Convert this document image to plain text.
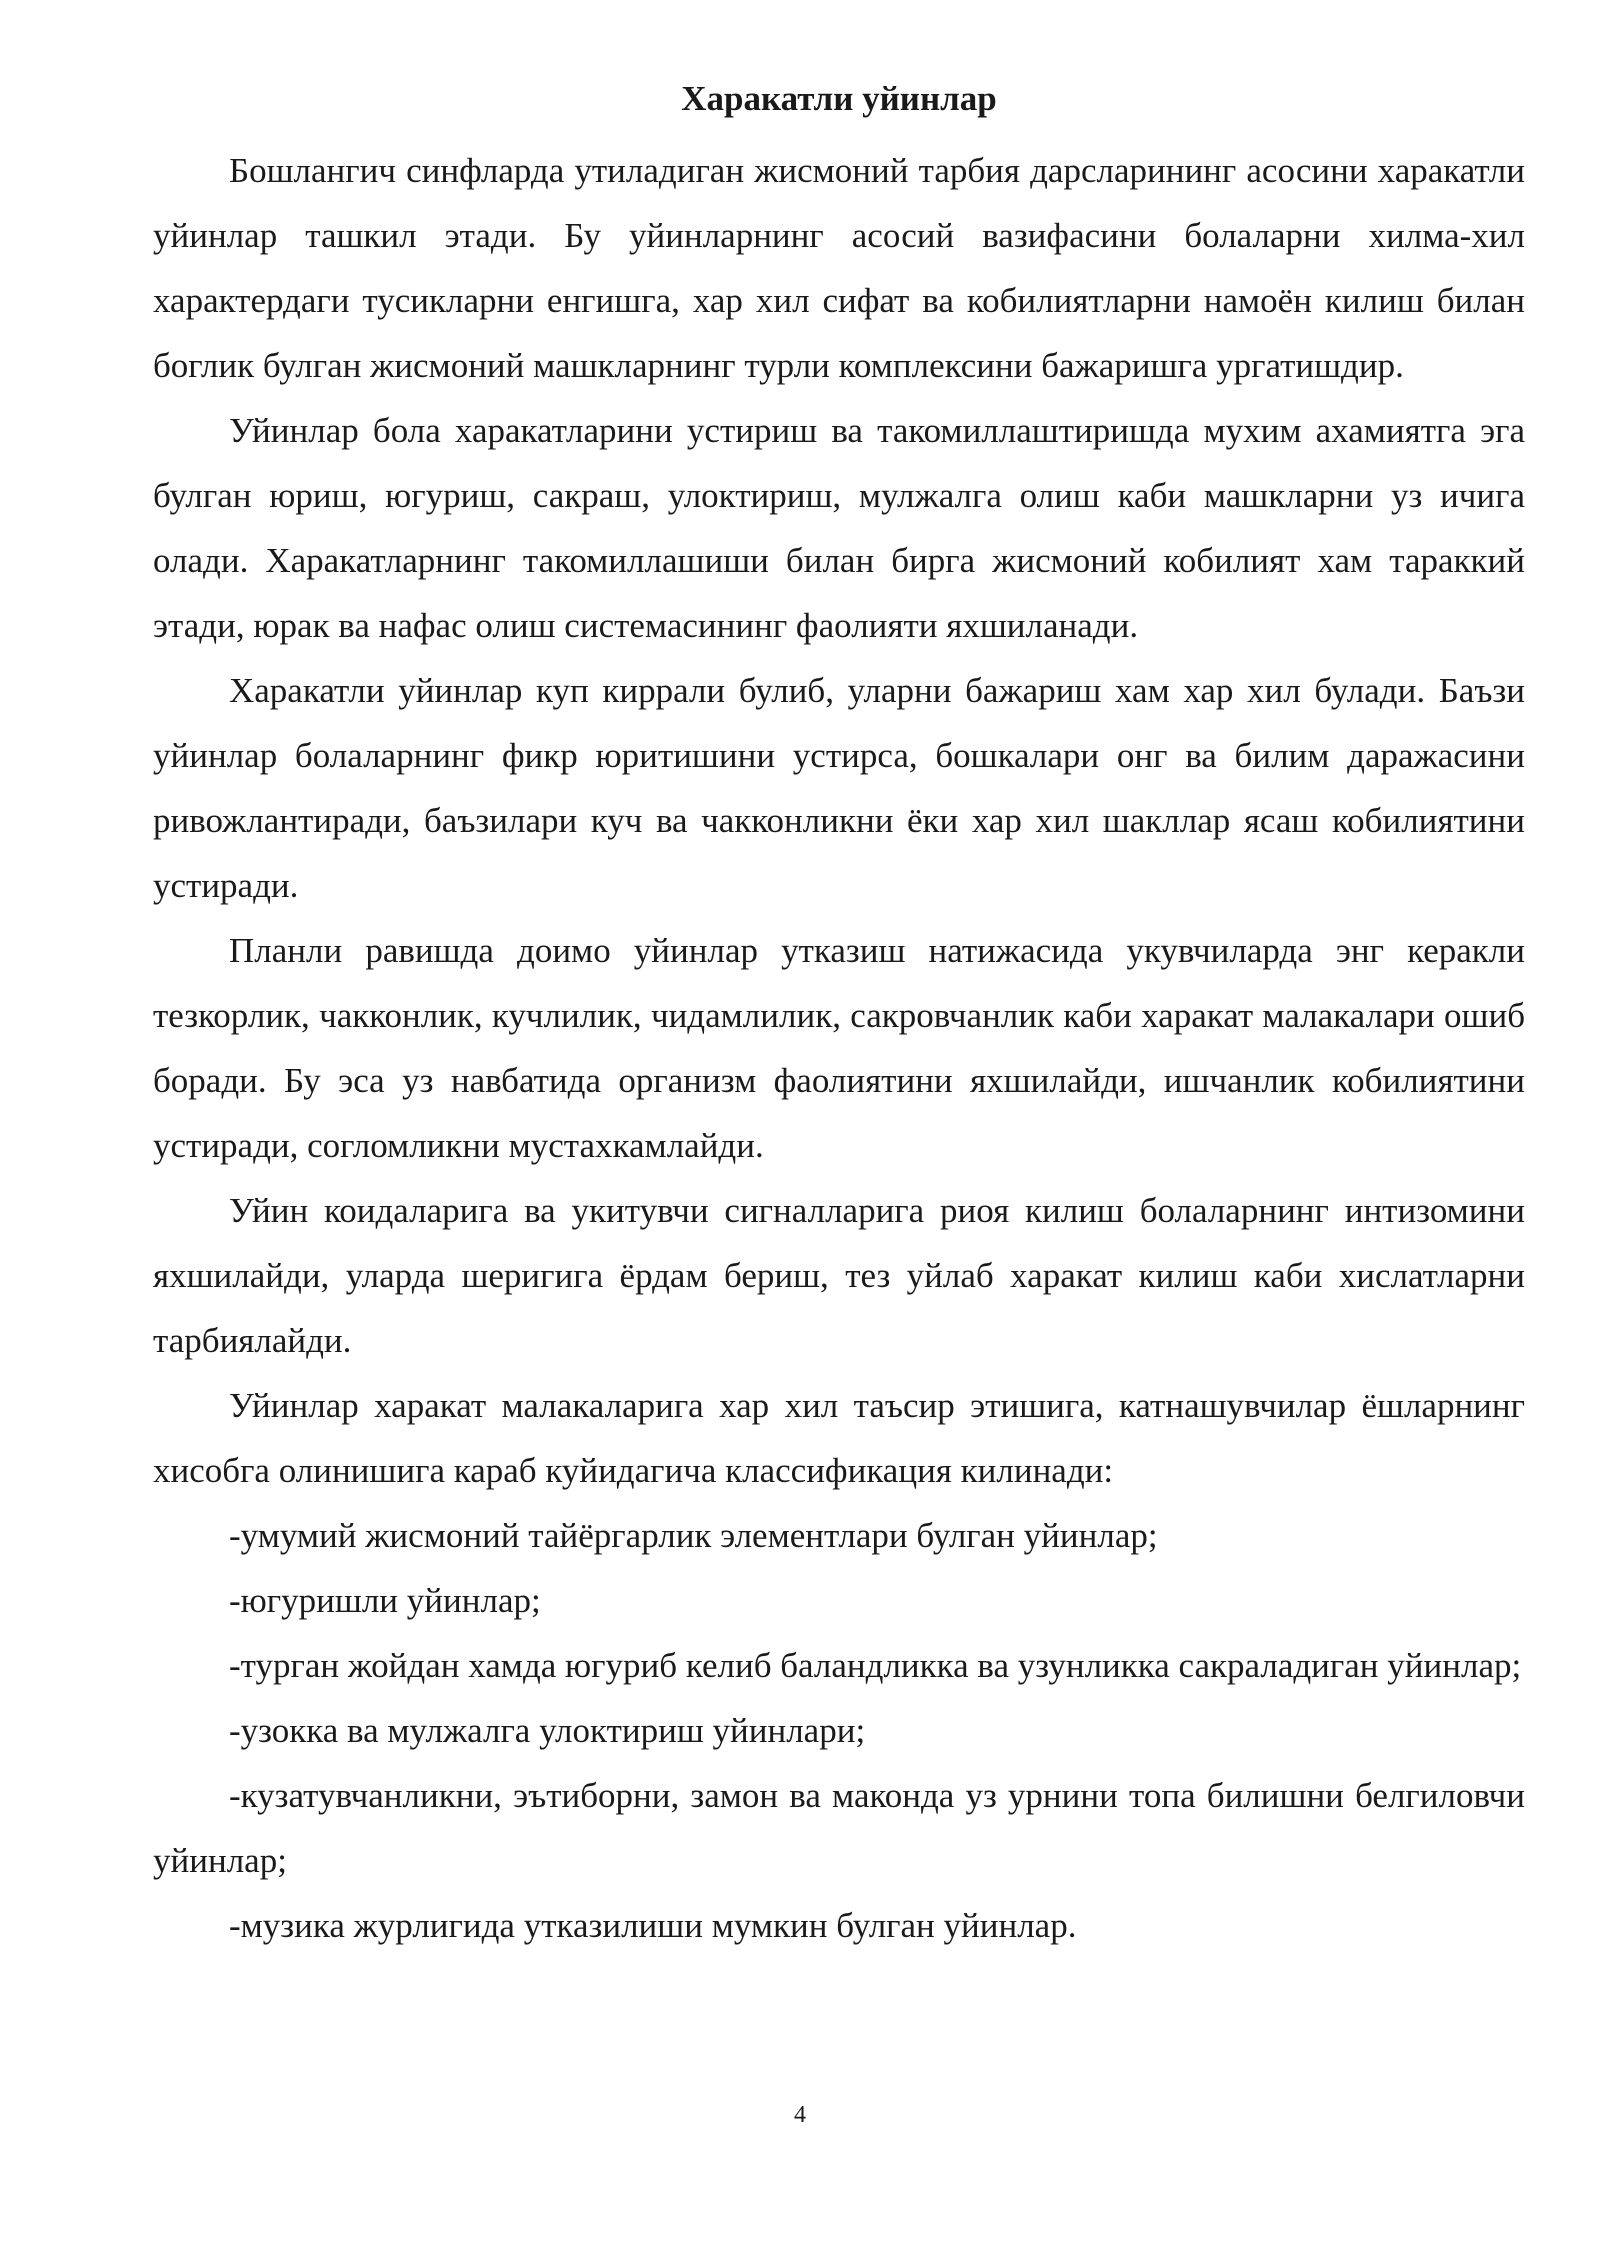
Харакатли уйинлар

Бошлангич синфларда утиладиган жисмоний тарбия дарсларининг асосини харакатли уйинлар ташкил этади. Бу уйинларнинг асосий вазифасини болаларни хилма-хил характердаги тусикларни енгишга, хар хил сифат ва кобилиятларни намоён килиш билан боглик булган жисмоний машкларнинг турли комплексини бажаришга ургатишдир.

Уйинлар бола харакатларини устириш ва такомиллаштиришда мухим ахамиятга эга булган юриш, югуриш, сакраш, улоктириш, мулжалга олиш каби машкларни уз ичига олади. Харакатларнинг такомиллашиши билан бирга жисмоний кобилият хам тараккий этади, юрак ва нафас олиш системасининг фаолияти яхшиланади.

Харакатли уйинлар куп киррали булиб, уларни бажариш хам хар хил булади. Баъзи уйинлар болаларнинг фикр юритишини устирса, бошкалари онг ва билим даражасини ривожлантиради, баъзилари куч ва чакконликни ёки хар хил шакллар ясаш кобилиятини устиради.

Планли равишда доимо уйинлар утказиш натижасида укувчиларда энг керакли тезкорлик, чакконлик, кучлилик, чидамлилик, сакровчанлик каби харакат малакалари ошиб боради. Бу эса уз навбатида организм фаолиятини яхшилайди, ишчанлик кобилиятини устиради, согломликни мустахкамлайди.

Уйин коидаларига ва укитувчи сигналларига риоя килиш болаларнинг интизомини яхшилайди, уларда шеригига ёрдам бериш, тез уйлаб харакат килиш каби хислатларни тарбиялайди.

Уйинлар харакат малакаларига хар хил таъсир этишига, катнашувчилар ёшларнинг хисобга олинишига караб куйидагича классификация килинади:

-умумий жисмоний тайёргарлик элементлари булган уйинлар;

-югуришли уйинлар;

-турган жойдан хамда югуриб келиб баландликка ва узунликка сакраладиган уйинлар;

-узокка ва мулжалга улоктириш уйинлари;

-кузатувчанликни, эътиборни, замон ва маконда уз урнини топа билишни белгиловчи уйинлар;

-музика журлигида утказилиши мумкин булган уйинлар.

4
